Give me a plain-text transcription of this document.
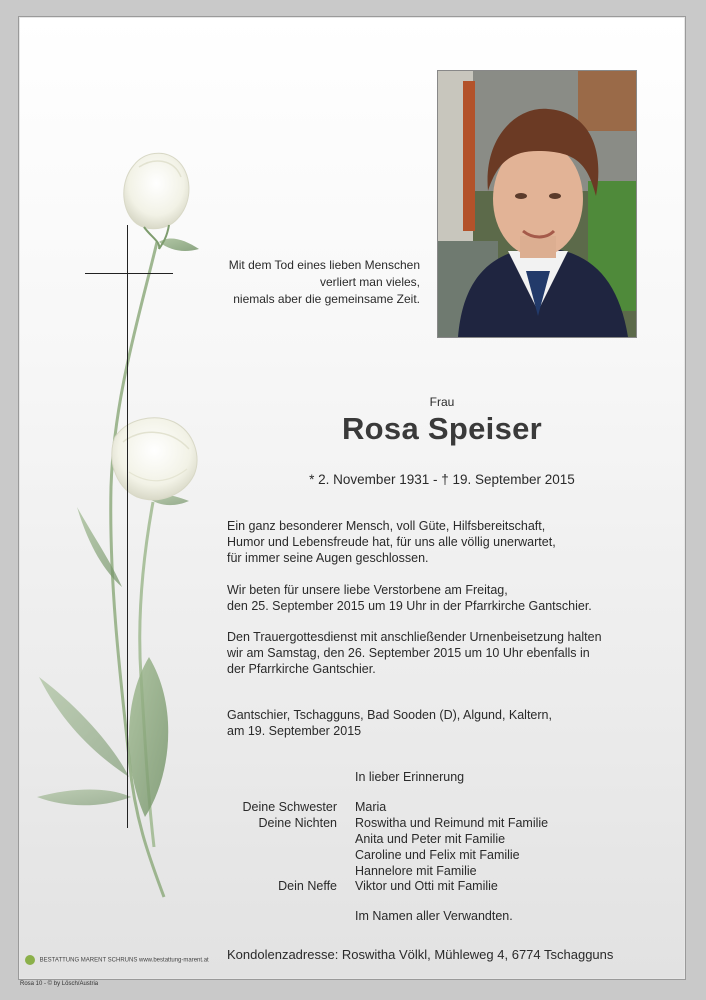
Mit dem Tod eines lieben Menschen
verliert man vieles,
niemals aber die gemeinsame Zeit.
Frau
Rosa Speiser
* 2. November 1931 - † 19. September 2015
Ein ganz besonderer Mensch, voll Güte, Hilfsbereitschaft,
Humor und Lebensfreude hat, für uns alle völlig unerwartet,
für immer seine Augen geschlossen.
Wir beten für unsere liebe Verstorbene am Freitag,
den 25. September 2015 um 19 Uhr in der Pfarrkirche Gantschier.
Den Trauergottesdienst mit anschließender Urnenbeisetzung halten
wir am Samstag, den 26. September 2015 um 10 Uhr ebenfalls in
der Pfarrkirche Gantschier.
Gantschier, Tschagguns, Bad Sooden (D), Algund, Kaltern,
am 19. September 2015
In lieber Erinnerung
Deine Schwester Maria
Deine Nichten Roswitha und Reimund mit Familie
Anita und Peter mit Familie
Caroline und Felix mit Familie
Hannelore mit Familie
Dein Neffe Viktor und Otti mit Familie
Im Namen aller Verwandten.
Kondolenzadresse: Roswitha Völkl, Mühleweg 4, 6774 Tschagguns
BESTATTUNG MARENT SCHRUNS www.bestattung-marent.at
Rosa 10 - © by Lösch/Austria
